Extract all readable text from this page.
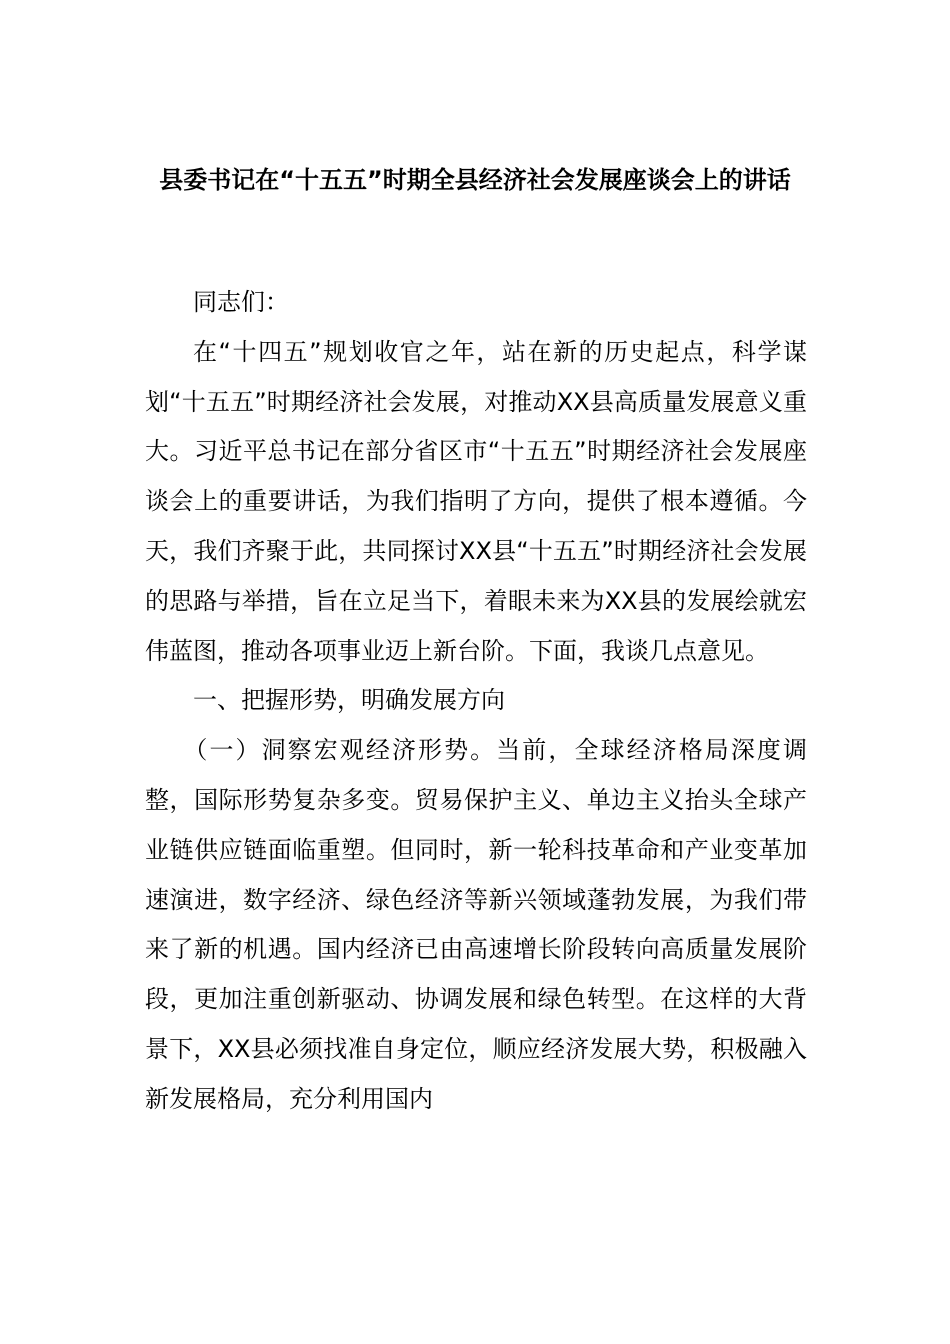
县委书记在“十五五”时期全县经济社会发展座谈会上的讲话

同志们：

在“十四五”规划收官之年，站在新的历史起点，科学谋划“十五五”时期经济社会发展，对推动XX县高质量发展意义重大。习近平总书记在部分省区市“十五五”时期经济社会发展座谈会上的重要讲话，为我们指明了方向，提供了根本遵循。今天，我们齐聚于此，共同探讨XX县“十五五”时期经济社会发展的思路与举措，旨在立足当下，着眼未来为XX县的发展绘就宏伟蓝图，推动各项事业迈上新台阶。下面，我谈几点意见。

一、把握形势，明确发展方向

（一）洞察宏观经济形势。当前，全球经济格局深度调整，国际形势复杂多变。贸易保护主义、单边主义抬头全球产业链供应链面临重塑。但同时，新一轮科技革命和产业变革加速演进，数字经济、绿色经济等新兴领域蓬勃发展，为我们带来了新的机遇。国内经济已由高速增长阶段转向高质量发展阶段，更加注重创新驱动、协调发展和绿色转型。在这样的大背景下，XX县必须找准自身定位，顺应经济发展大势，积极融入新发展格局，充分利用国内
